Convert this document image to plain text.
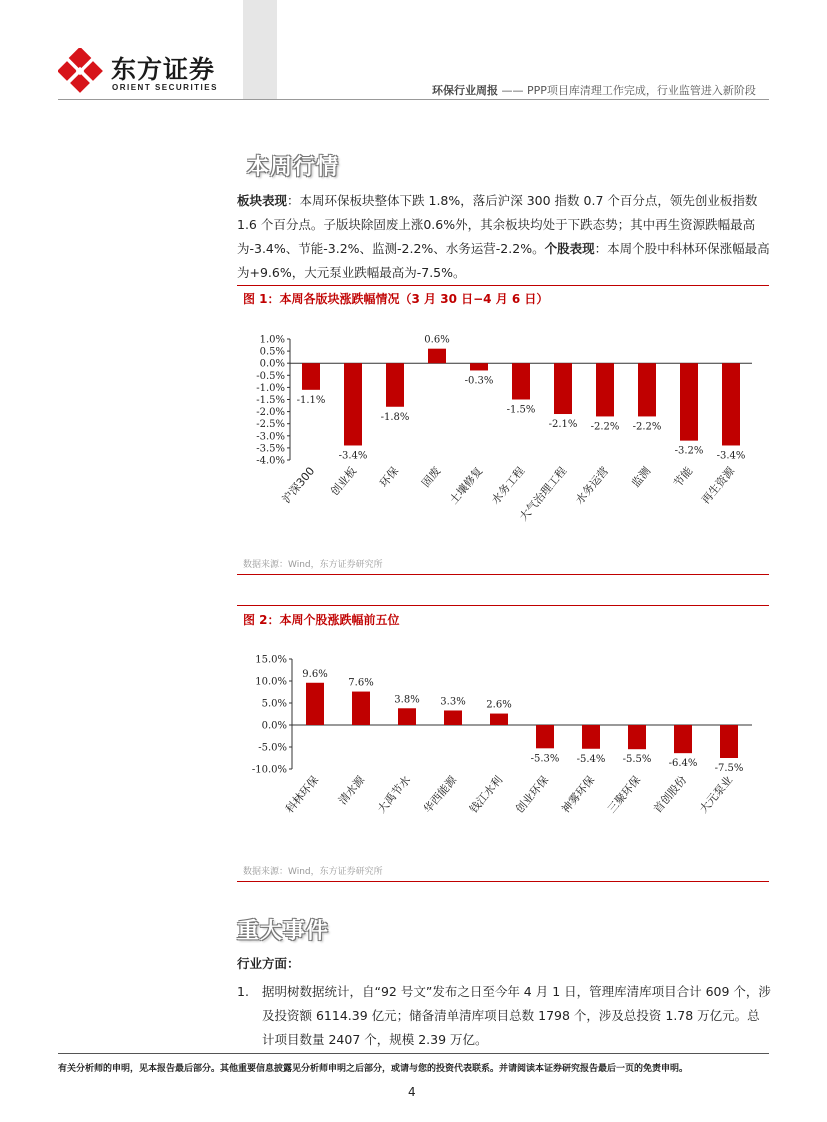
东方证券
ORIENT SECURITIES	环保行业周报 —— PPP项目库清理工作完成，行业监管进入新阶段
本周行情
板块表现：本周环保板块整体下跌 1.8%，落后沪深 300 指数 0.7 个百分点，领先创业板指数 1.6 个百分点。子版块除固废上涨0.6%外，其余板块均处于下跌态势；其中再生资源跌幅最高为-3.4%、节能-3.2%、监测-2.2%、水务运营-2.2%。个股表现：本周个股中科林环保涨幅最高为+9.6%，大元泵业跌幅最高为-7.5%。
图 1：本周各版块涨跌幅情况（3 月 30 日−4 月 6 日）
1.0%
0.5%
0.0%
-0.5%
-1.0%
-1.5%
-2.0%
-2.5%
-3.0%
-3.5%
-4.0%
-1.1%
沪深300
-3.4%
创业板
-1.8%
环保
0.6%
固废
-0.3%
土壤修复
-1.5%
水务工程
-2.1%
大气治理工程
-2.2%
水务运营
-2.2%
监测
-3.2%
节能
-3.4%
再生资源
数据来源：Wind，东方证券研究所
图 2：本周个股涨跌幅前五位
15.0%
10.0%
5.0%
0.0%
-5.0%
-10.0%
9.6%
科林环保
7.6%
清水源
3.8%
大禹节水
3.3%
华西能源
2.6%
钱江水利
-5.3%
创业环保
-5.4%
神雾环保
-5.5%
三聚环保
-6.4%
首创股份
-7.5%
大元泵业
数据来源：Wind，东方证券研究所
重大事件
行业方面：
1. 据明树数据统计，自“92 号文”发布之日至今年 4 月 1 日，管理库清库项目合计 609 个，涉及投资额 6114.39 亿元；储备清单清库项目总数 1798 个，涉及总投资 1.78 万亿元。总计项目数量 2407 个，规模 2.39 万亿。
有关分析师的申明，见本报告最后部分。其他重要信息披露见分析师申明之后部分，或请与您的投资代表联系。并请阅读本证券研究报告最后一页的免责申明。
4
